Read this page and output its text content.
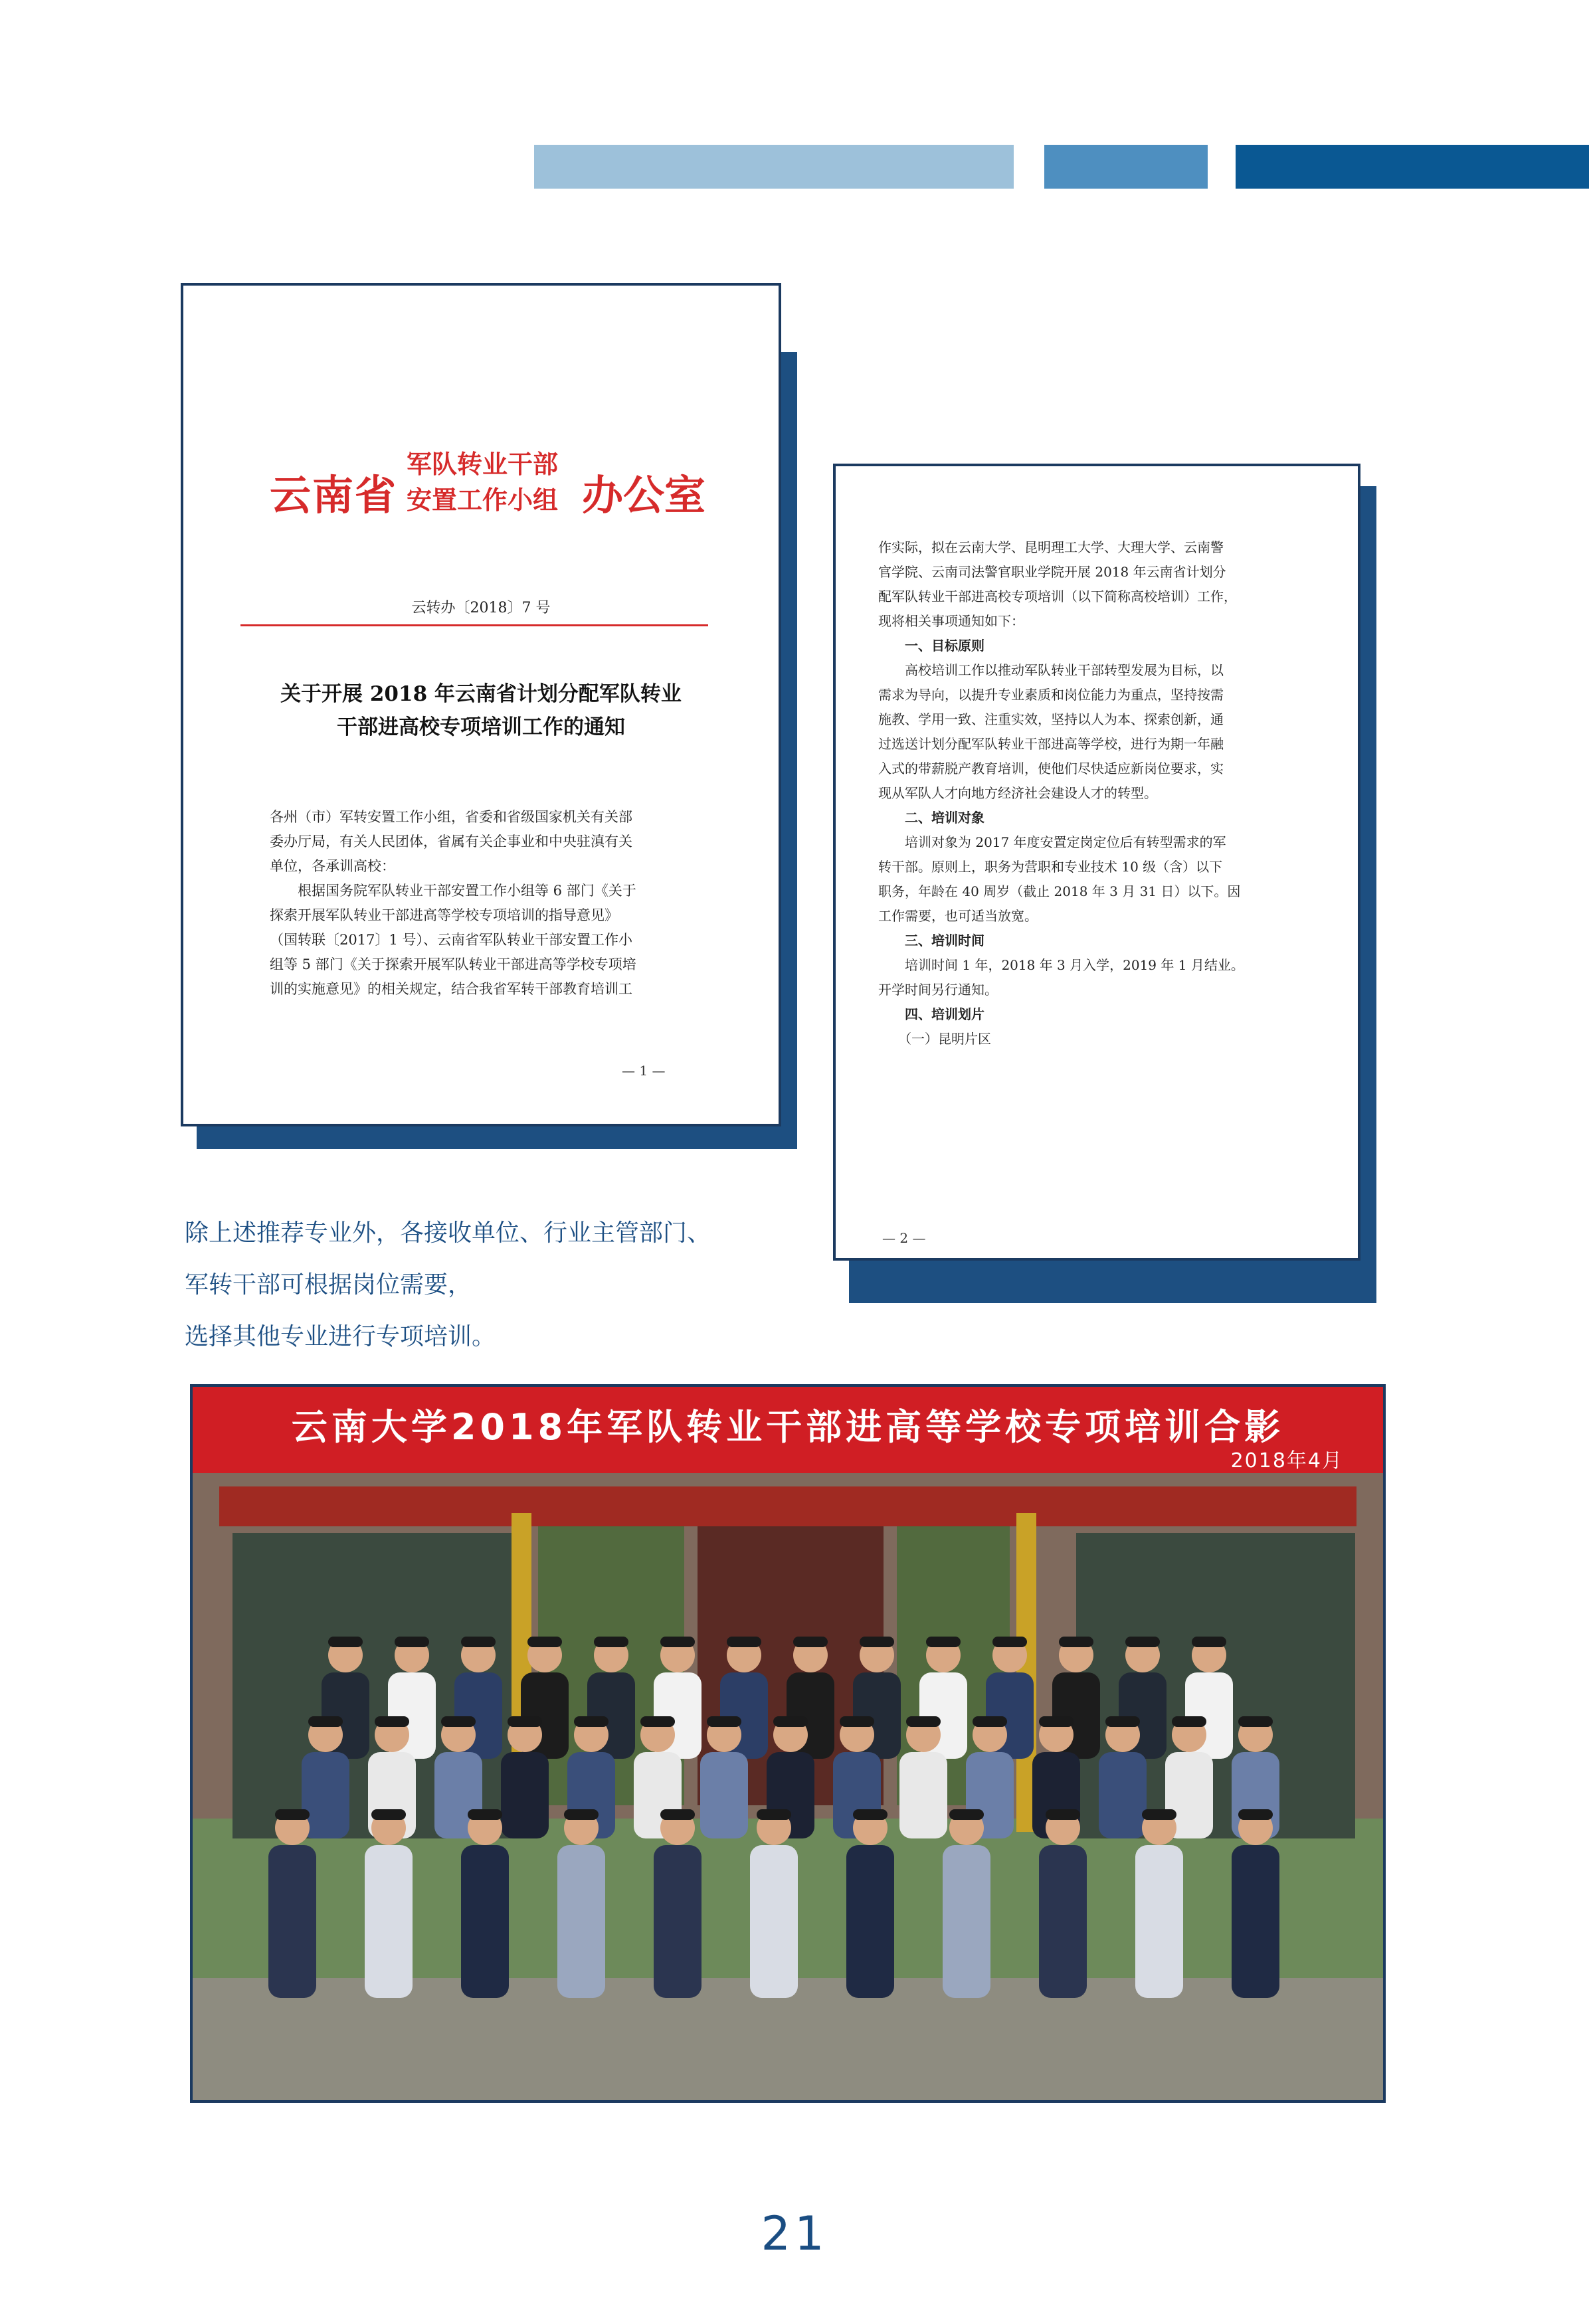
云南省
军队转业干部
安置工作小组 办公室
云转办〔2018〕7 号
关于开展 2018 年云南省计划分配军队转业
干部进高校专项培训工作的通知
各州（市）军转安置工作小组，省委和省级国家机关有关部
委办厅局，有关人民团体，省属有关企事业和中央驻滇有关
单位，各承训高校：
　　根据国务院军队转业干部安置工作小组等 6 部门《关于
探索开展军队转业干部进高等学校专项培训的指导意见》
（国转联〔2017〕1 号）、云南省军队转业干部安置工作小
组等 5 部门《关于探索开展军队转业干部进高等学校专项培
训的实施意见》的相关规定，结合我省军转干部教育培训工
— 1 —
作实际，拟在云南大学、昆明理工大学、大理大学、云南警
官学院、云南司法警官职业学院开展 2018 年云南省计划分
配军队转业干部进高校专项培训（以下简称高校培训）工作，
现将相关事项通知如下：
　　一、目标原则
　　高校培训工作以推动军队转业干部转型发展为目标，以
需求为导向，以提升专业素质和岗位能力为重点，坚持按需
施教、学用一致、注重实效，坚持以人为本、探索创新，通
过选送计划分配军队转业干部进高等学校，进行为期一年融
入式的带薪脱产教育培训，使他们尽快适应新岗位要求，实
现从军队人才向地方经济社会建设人才的转型。
　　二、培训对象
　　培训对象为 2017 年度安置定岗定位后有转型需求的军
转干部。原则上，职务为营职和专业技术 10 级（含）以下
职务，年龄在 40 周岁（截止 2018 年 3 月 31 日）以下。因
工作需要，也可适当放宽。
　　三、培训时间
　　培训时间 1 年，2018 年 3 月入学，2019 年 1 月结业。
开学时间另行通知。
　　四、培训划片
　　（一）昆明片区
— 2 —
除上述推荐专业外，各接收单位、行业主管部门、
军转干部可根据岗位需要，
选择其他专业进行专项培训。
云南大学2018年军队转业干部进高等学校专项培训合影
2018年4月
21
